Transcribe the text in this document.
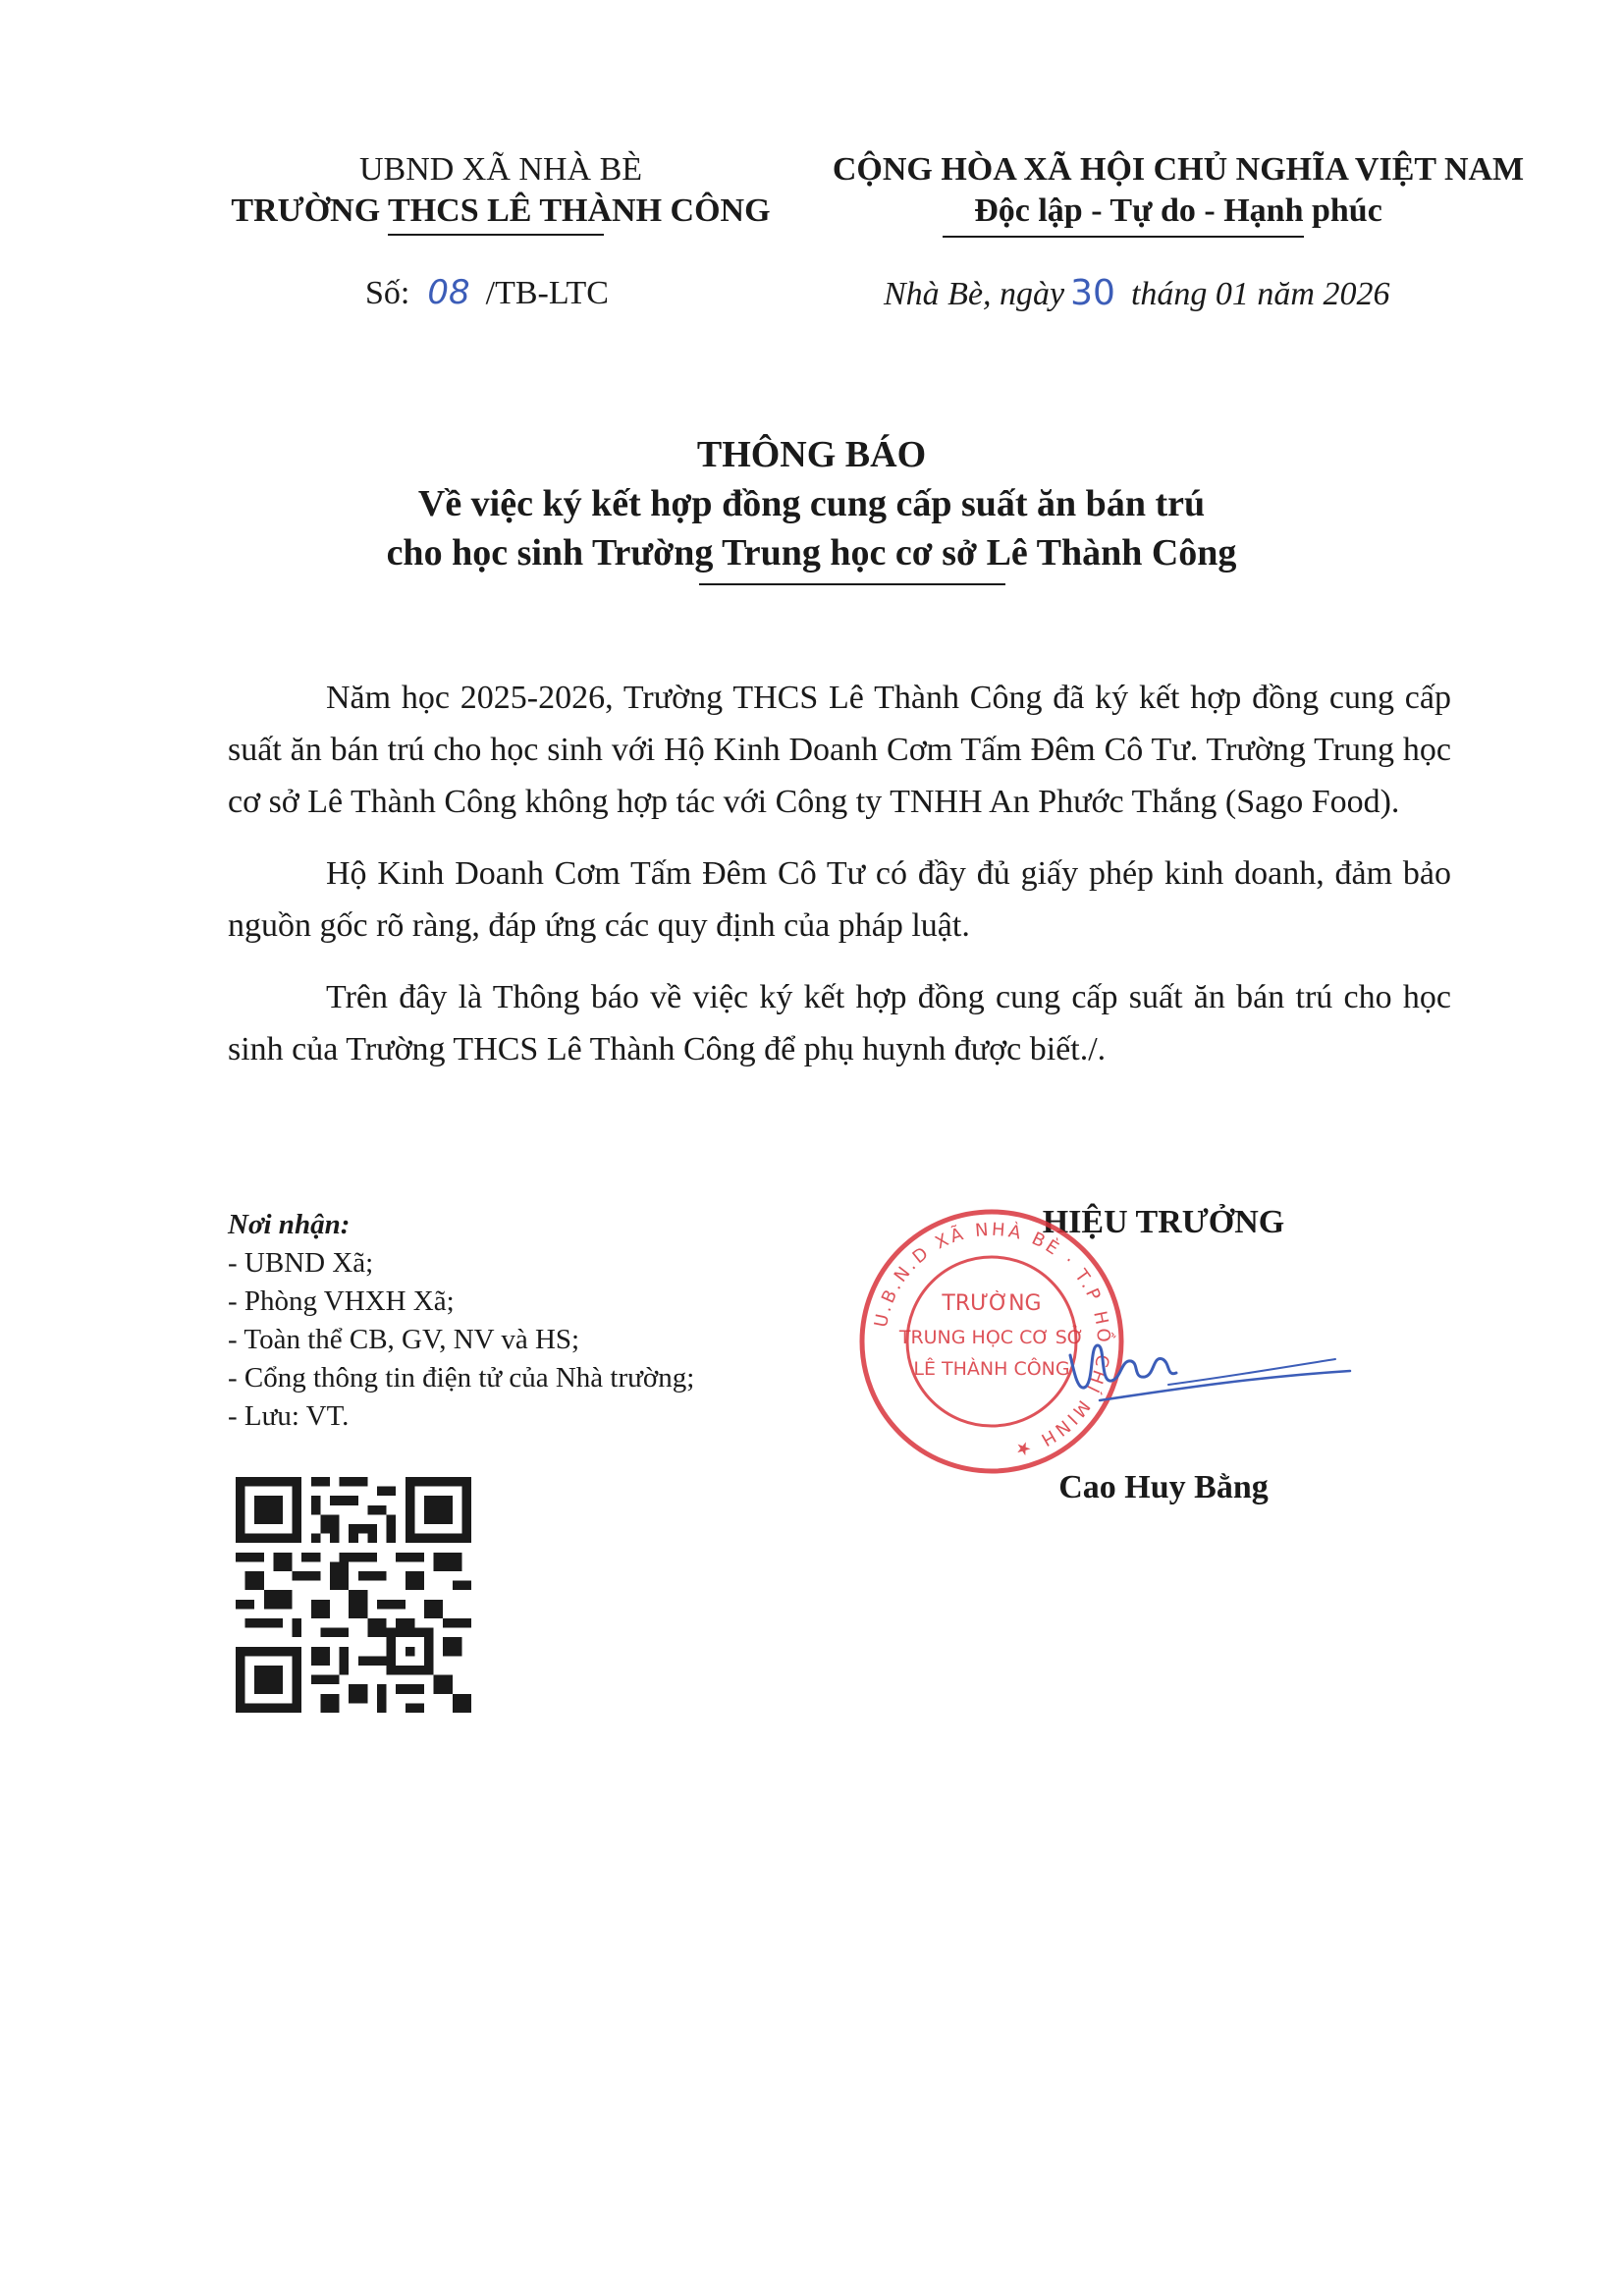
UBND XÃ NHÀ BÈ
TRƯỜNG THCS LÊ THÀNH CÔNG
CỘNG HÒA XÃ HỘI CHỦ NGHĨA VIỆT NAM
Độc lập - Tự do - Hạnh phúc
Số: 08 /TB-LTC	Nhà Bè, ngày 30 tháng 01 năm 2026
THÔNG BÁO
Về việc ký kết hợp đồng cung cấp suất ăn bán trú
cho học sinh Trường Trung học cơ sở Lê Thành Công

Năm học 2025-2026, Trường THCS Lê Thành Công đã ký kết hợp đồng cung cấp suất ăn bán trú cho học sinh với Hộ Kinh Doanh Cơm Tấm Đêm Cô Tư. Trường Trung học cơ sở Lê Thành Công không hợp tác với Công ty TNHH An Phước Thắng (Sago Food).

Hộ Kinh Doanh Cơm Tấm Đêm Cô Tư có đầy đủ giấy phép kinh doanh, đảm bảo nguồn gốc rõ ràng, đáp ứng các quy định của pháp luật.

Trên đây là Thông báo về việc ký kết hợp đồng cung cấp suất ăn bán trú cho học sinh của Trường THCS Lê Thành Công để phụ huynh được biết./.

Nơi nhận:
- UBND Xã;
- Phòng VHXH Xã;
- Toàn thể CB, GV, NV và HS;
- Cổng thông tin điện tử của Nhà trường;
- Lưu: VT.
HIỆU TRƯỞNG
U.B.N.D XÃ NHÀ BÈ · T.P HỒ CHÍ MINH ★
TRƯỜNG
TRUNG HỌC CƠ SỞ
LÊ THÀNH CÔNG
Cao Huy Bằng
